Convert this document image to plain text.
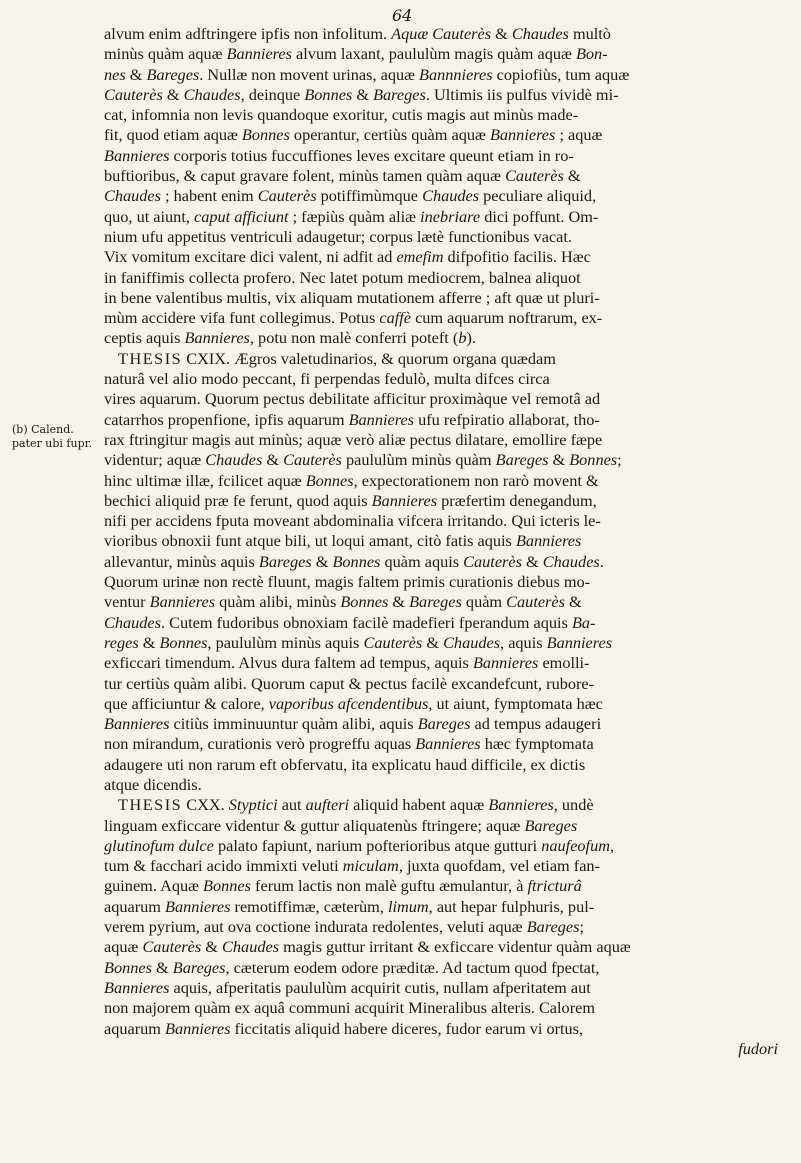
64
(b) Calend.
pater ubi fupr.
alvum enim adftringere ipfis non infolitum. Aquæ Cauterès & Chaudes multò
minùs quàm aquæ Bannieres alvum laxant, paululùm magis quàm aquæ Bon-
nes & Bareges. Nullæ non movent urinas, aquæ Bannnieres copiofiùs, tum aquæ
Cauterès & Chaudes, deinque Bonnes & Bareges. Ultimis iis pulfus vividè mi-
cat, infomnia non levis quandoque exoritur, cutis magis aut minùs made-
fit, quod etiam aquæ Bonnes operantur, certiùs quàm aquæ Bannieres ; aquæ
Bannieres corporis totius fuccuffiones leves excitare queunt etiam in ro-
buftioribus, & caput gravare folent, minùs tamen quàm aquæ Cauterès &
Chaudes ; habent enim Cauterès potiffimùmque Chaudes peculiare aliquid,
quo, ut aiunt, caput afficiunt ; fæpiùs quàm aliæ inebriare dici poffunt. Om-
nium ufu appetitus ventriculi adaugetur; corpus lætè functionibus vacat.
Vix vomitum excitare dici valent, ni adfit ad emefim difpofitio facilis. Hæc
in faniffimis collecta profero. Nec latet potum mediocrem, balnea aliquot
in bene valentibus multis, vix aliquam mutationem afferre ; aft quæ ut pluri-
mùm accidere vifa funt collegimus. Potus caffè cum aquarum noftrarum, ex-
ceptis aquis Bannieres, potu non malè conferri poteft (b).
THESIS CXIX. Ægros valetudinarios, & quorum organa quædam
naturâ vel alio modo peccant, fi perpendas fedulò, multa difces circa
vires aquarum. Quorum pectus debilitate afficitur proximàque vel remotâ ad
catarrhos propenfione, ipfis aquarum Bannieres ufu refpiratio allaborat, tho-
rax ftringitur magis aut minùs; aquæ verò aliæ pectus dilatare, emollire fæpe
videntur; aquæ Chaudes & Cauterès paululùm minùs quàm Bareges & Bonnes;
hinc ultimæ illæ, fcilicet aquæ Bonnes, expectorationem non rarò movent &
bechici aliquid præ fe ferunt, quod aquis Bannieres præfertim denegandum,
nifi per accidens fputa moveant abdominalia vifcera irritando. Qui icteris le-
vioribus obnoxii funt atque bili, ut loqui amant, citò fatis aquis Bannieres
allevantur, minùs aquis Bareges & Bonnes quàm aquis Cauterès & Chaudes.
Quorum urinæ non rectè fluunt, magis faltem primis curationis diebus mo-
ventur Bannieres quàm alibi, minùs Bonnes & Bareges quàm Cauterès &
Chaudes. Cutem fudoribus obnoxiam facilè madefieri fperandum aquis Ba-
reges & Bonnes, paululùm minùs aquis Cauterès & Chaudes, aquis Bannieres
exficcari timendum. Alvus dura faltem ad tempus, aquis Bannieres emolli-
tur certiùs quàm alibi. Quorum caput & pectus facilè excandefcunt, rubore-
que afficiuntur & calore, vaporibus afcendentibus, ut aiunt, fymptomata hæc
Bannieres citiùs imminuuntur quàm alibi, aquis Bareges ad tempus adaugeri
non mirandum, curationis verò progreffu aquas Bannieres hæc fymptomata
adaugere uti non rarum eft obfervatu, ita explicatu haud difficile, ex dictis
atque dicendis.
THESIS CXX. Styptici aut aufteri aliquid habent aquæ Bannieres, undè
linguam exficcare videntur & guttur aliquatenùs ftringere; aquæ Bareges
glutinofum dulce palato fapiunt, narium pofterioribus atque gutturi naufeofum,
tum & facchari acido immixti veluti miculam, juxta quofdam, vel etiam fan-
guinem. Aquæ Bonnes ferum lactis non malè guftu æmulantur, à ftricturâ
aquarum Bannieres remotiffimæ, cæterùm, limum, aut hepar fulphuris, pul-
verem pyrium, aut ova coctione indurata redolentes, veluti aquæ Bareges;
aquæ Cauterès & Chaudes magis guttur irritant & exficcare videntur quàm aquæ
Bonnes & Bareges, cæterum eodem odore præditæ. Ad tactum quod fpectat,
Bannieres aquis, afperitatis paululùm acquirit cutis, nullam afperitatem aut
non majorem quàm ex aquâ communi acquirit Mineralibus alteris. Calorem
aquarum Bannieres ficcitatis aliquid habere diceres, fudor earum vi ortus,
fudori
